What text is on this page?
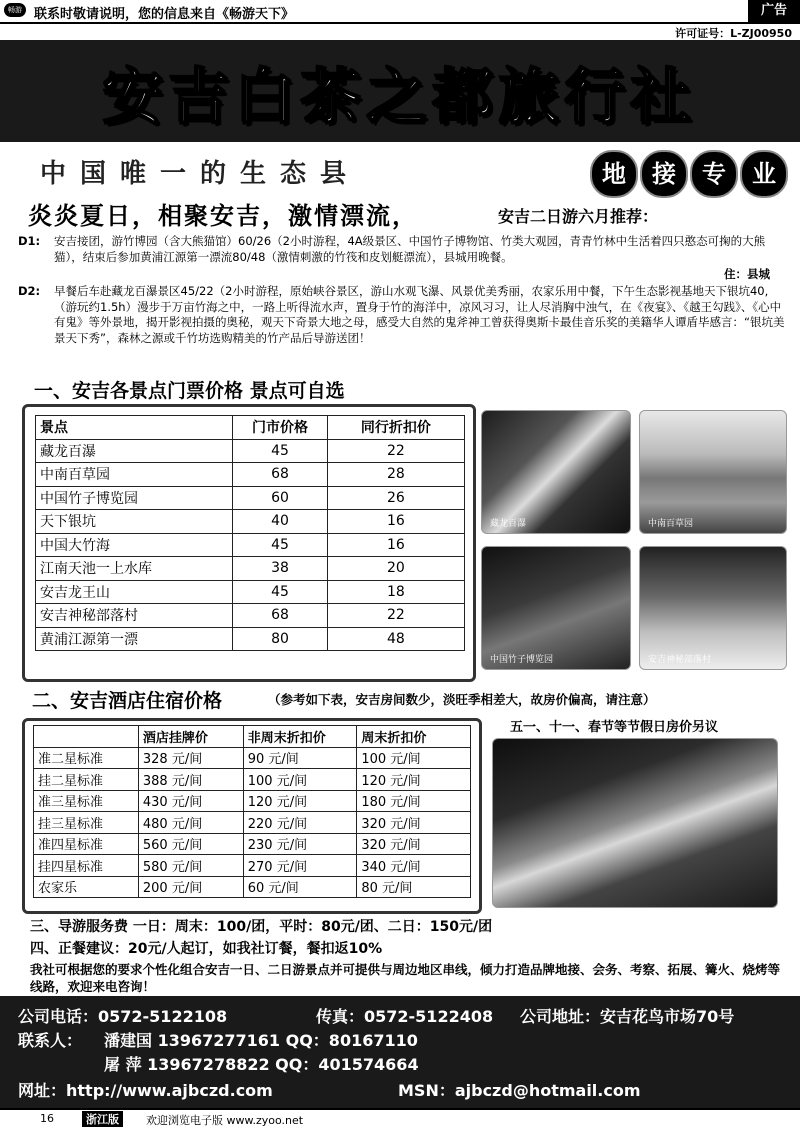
畅游 联系时敬请说明，您的信息来自《畅游天下》	广告
许可证号：L-ZJ00950
安吉白茶之都旅行社
中国唯一的生态县	地 接 专 业
炎炎夏日，相聚安吉，激情漂流，	安吉二日游六月推荐：
D1: 安吉接团，游竹博园（含大熊猫馆）60/26（2小时游程，4A级景区、中国竹子博物馆、竹类大观园，青青竹林中生活着四只憨态可掬的大熊猫），结束后参加黄浦江源第一漂流80/48（激情刺激的竹筏和皮划艇漂流），县城用晚餐。
住：县城
D2: 早餐后车赴藏龙百瀑景区45/22（2小时游程，原始峡谷景区，游山水观飞瀑、风景优美秀丽，农家乐用中餐，下午生态影视基地天下银坑40,（游玩约1.5h）漫步于万亩竹海之中，一路上听得流水声，置身于竹的海洋中，凉风习习，让人尽消胸中浊气，在《夜宴》、《越王勾践》、《心中有鬼》等外景地，揭开影视拍摄的奥秘，观天下奇景大地之母，感受大自然的鬼斧神工曾获得奥斯卡最佳音乐奖的美籍华人谭盾毕感言：“银坑美景天下秀”，森林之源或千竹坊选购精美的竹产品后导游送团！
一、安吉各景点门票价格 景点可自选
景点	门市价格	同行折扣价
藏龙百瀑	45	22
中南百草园	68	28
中国竹子博览园	60	26
天下银坑	40	16
中国大竹海	45	16
江南天池一上水库	38	20
安吉龙王山	45	18
安吉神秘部落村	68	22
黄浦江源第一漂	80	48
藏龙百瀑	中南百草园
中国竹子博览园	安吉神秘部落村
二、安吉酒店住宿价格	（参考如下表，安吉房间数少，淡旺季相差大，故房价偏高，请注意）
五一、十一、春节等节假日房价另议
	酒店挂牌价	非周末折扣价	周末折扣价
准二星标准	328 元/间	90 元/间	100 元/间
挂二星标准	388 元/间	100 元/间	120 元/间
准三星标准	430 元/间	120 元/间	180 元/间
挂三星标准	480 元/间	220 元/间	320 元/间
准四星标准	560 元/间	230 元/间	320 元/间
挂四星标准	580 元/间	270 元/间	340 元/间
农家乐	200 元/间	60 元/间	80 元/间
三、导游服务费 一日：周末：100/团，平时：80元/团、二日：150元/团
四、正餐建议：20元/人起订，如我社订餐，餐扣返10%
我社可根据您的要求个性化组合安吉一日、二日游景点并可提供与周边地区串线，倾力打造品牌地接、会务、考察、拓展、篝火、烧烤等线路，欢迎来电咨询！
公司电话：0572-5122108	传真：0572-5122408 公司地址：安吉花鸟市场70号
联系人： 潘建国 13967277161 QQ：80167110
屠 萍 13967278822 QQ：401574664
网址：http://www.ajbczd.com	MSN：ajbczd@hotmail.com
16	浙江版	欢迎浏览电子版 www.zyoo.net
